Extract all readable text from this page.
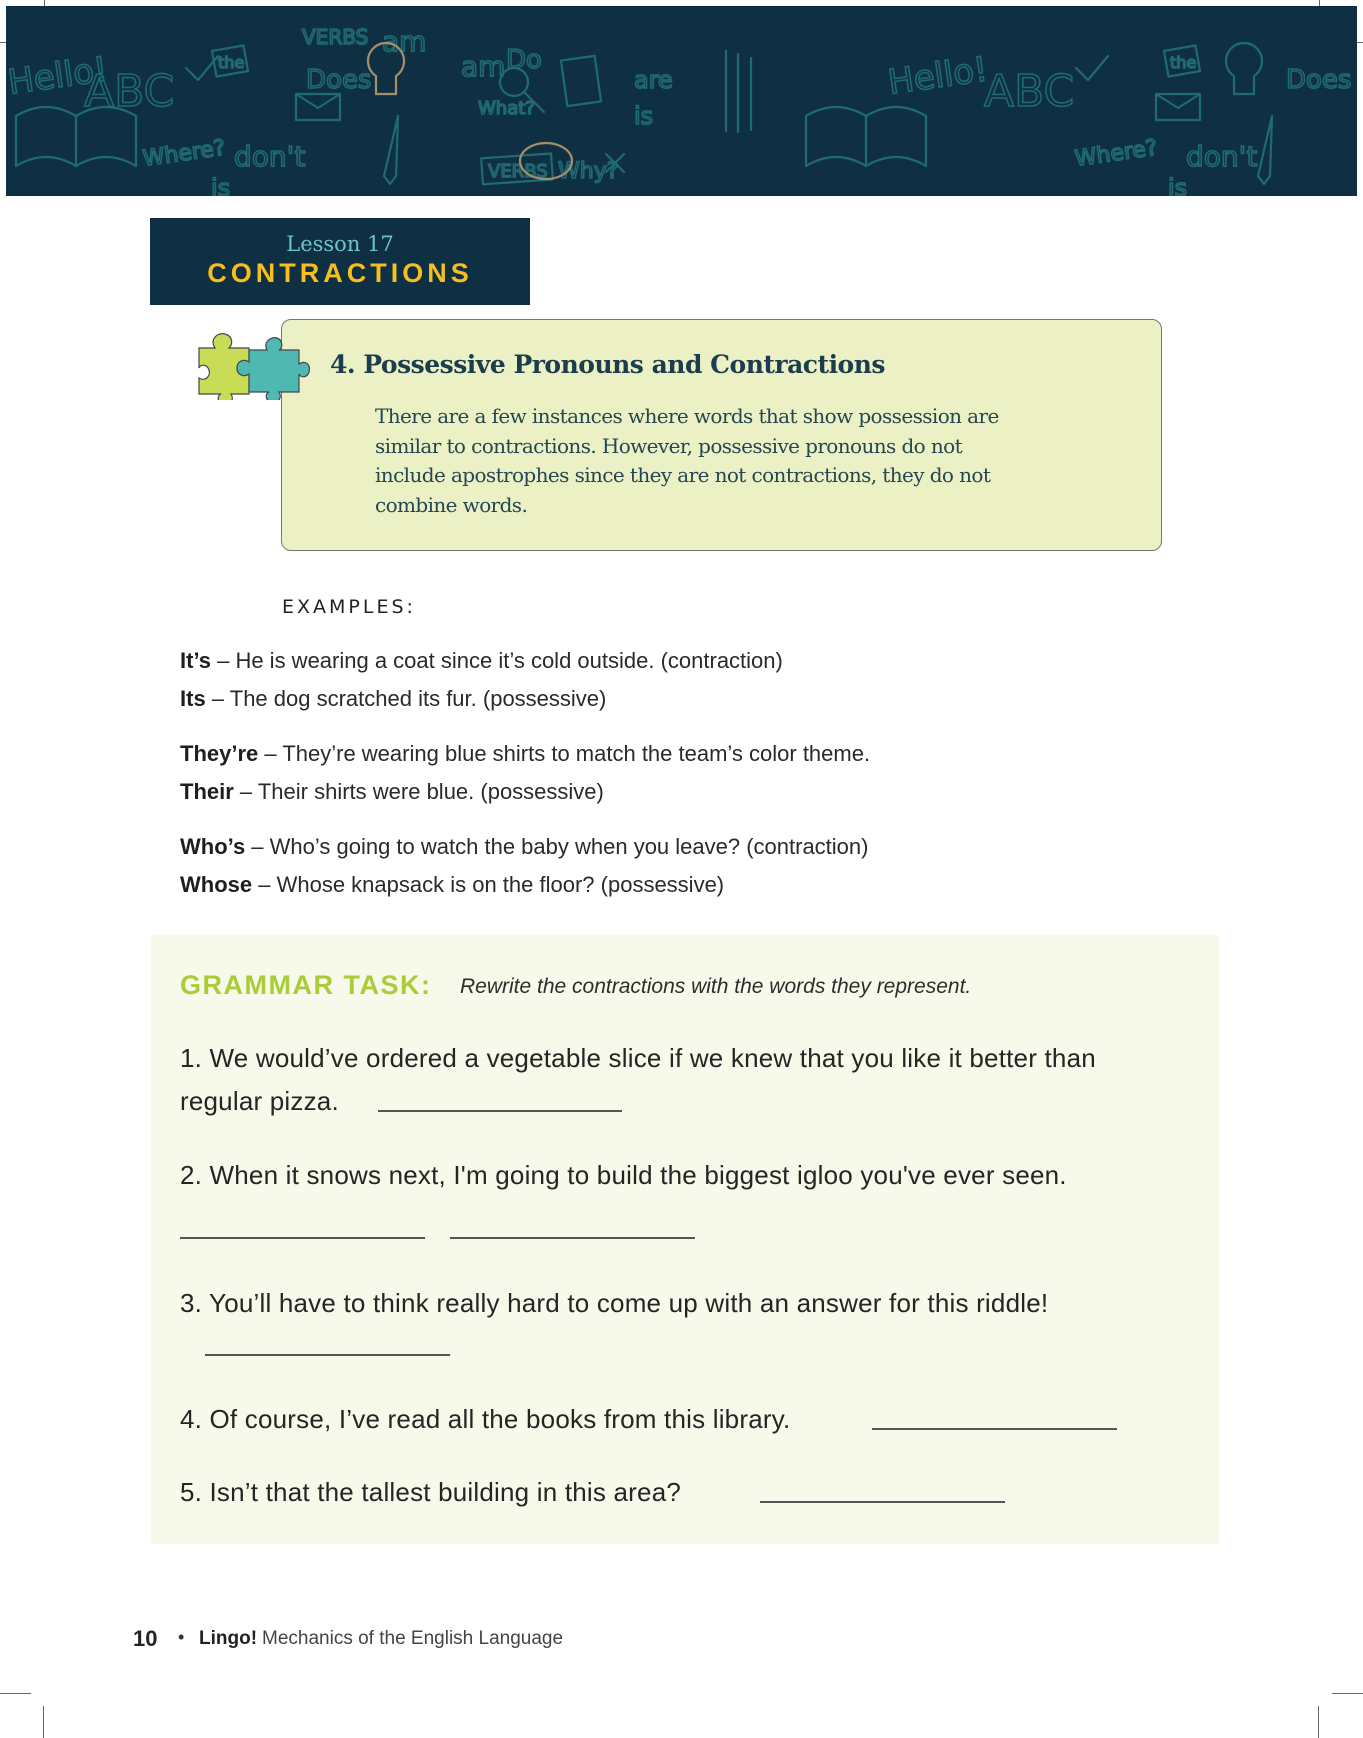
Hello!
ABC
the
VERBS am
Does	am Do
What?
Where? don't
is
are
is
VERBS Why?
Hello!
ABC
the
Does
Where? don't
is
Lesson 17
CONTRACTIONS
4. Possessive Pronouns and Contractions
There are a few instances where words that show possession are
similar to contractions. However, possessive pronouns do not
include apostrophes since they are not contractions, they do not
combine words.
EXAMPLES:
It’s – He is wearing a coat since it’s cold outside. (contraction)
Its – The dog scratched its fur. (possessive)
They’re – They’re wearing blue shirts to match the team’s color theme.
Their – Their shirts were blue. (possessive)
Who’s – Who’s going to watch the baby when you leave? (contraction)
Whose – Whose knapsack is on the floor? (possessive)
GRAMMAR TASK: Rewrite the contractions with the words they represent.
1. We would’ve ordered a vegetable slice if we knew that you like it better than
regular pizza.
2. When it snows next, I'm going to build the biggest igloo you've ever seen.
3. You’ll have to think really hard to come up with an answer for this riddle!
4. Of course, I’ve read all the books from this library.
5. Isn’t that the tallest building in this area?
10 • Lingo! Mechanics of the English Language
